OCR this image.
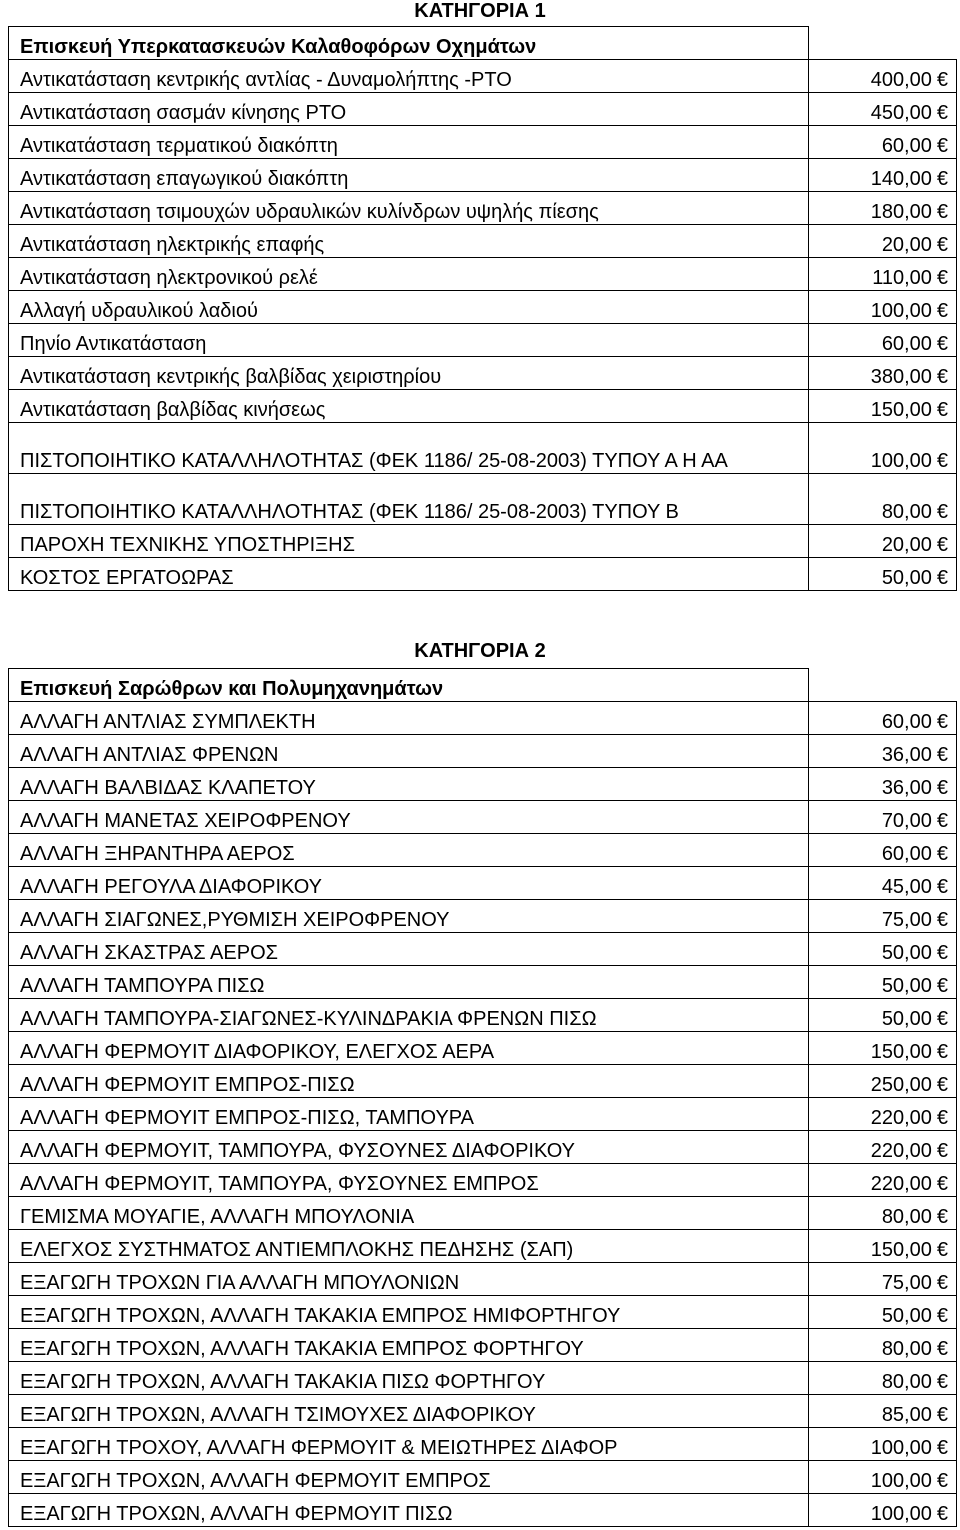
ΚΑΤΗΓΟΡΙΑ 1
Επισκευή Υπερκατασκευών Καλαθοφόρων Οχημάτων	
Αντικατάσταση κεντρικής αντλίας - Δυναμολήπτης -PTO	400,00 €
Αντικατάσταση σασμάν κίνησης PTO	450,00 €
Αντικατάσταση τερματικού διακόπτη	60,00 €
Αντικατάσταση επαγωγικού διακόπτη	140,00 €
Αντικατάσταση τσιμουχών υδραυλικών κυλίνδρων υψηλής πίεσης	180,00 €
Αντικατάσταση ηλεκτρικής επαφής	20,00 €
Αντικατάσταση ηλεκτρονικού ρελέ	110,00 €
Αλλαγή υδραυλικού λαδιού	100,00 €
Πηνίο Αντικατάσταση	60,00 €
Αντικατάσταση κεντρικής βαλβίδας χειριστηρίου	380,00 €
Αντικατάσταση βαλβίδας κινήσεως	150,00 €
ΠΙΣΤΟΠΟΙΗΤΙΚΟ ΚΑΤΑΛΛΗΛΟΤΗΤΑΣ (ΦΕΚ 1186/ 25-08-2003) ΤΥΠΟΥ Α Η ΑΑ	100,00 €
ΠΙΣΤΟΠΟΙΗΤΙΚΟ ΚΑΤΑΛΛΗΛΟΤΗΤΑΣ (ΦΕΚ 1186/ 25-08-2003) ΤΥΠΟΥ Β	80,00 €
ΠΑΡΟΧΗ ΤΕΧΝΙΚΗΣ ΥΠΟΣΤΗΡΙΞΗΣ	20,00 €
ΚΟΣΤΟΣ ΕΡΓΑΤΟΩΡΑΣ	50,00 €
ΚΑΤΗΓΟΡΙΑ 2
Επισκευή Σαρώθρων και Πολυμηχανημάτων	
ΑΛΛΑΓΗ ΑΝΤΛΙΑΣ ΣΥΜΠΛΕΚΤΗ	60,00 €
ΑΛΛΑΓΗ ΑΝΤΛΙΑΣ ΦΡΕΝΩΝ	36,00 €
ΑΛΛΑΓΗ ΒΑΛΒΙΔΑΣ ΚΛΑΠΕΤΟΥ	36,00 €
ΑΛΛΑΓΗ ΜΑΝΕΤΑΣ ΧΕΙΡΟΦΡΕΝΟΥ	70,00 €
ΑΛΛΑΓΗ ΞΗΡΑΝΤΗΡΑ ΑΕΡΟΣ	60,00 €
ΑΛΛΑΓΗ ΡΕΓΟΥΛΑ ΔΙΑΦΟΡΙΚΟΥ	45,00 €
ΑΛΛΑΓΗ ΣΙΑΓΩΝΕΣ,ΡΥΘΜΙΣΗ ΧΕΙΡΟΦΡΕΝΟΥ	75,00 €
ΑΛΛΑΓΗ ΣΚΑΣΤΡΑΣ ΑΕΡΟΣ	50,00 €
ΑΛΛΑΓΗ ΤΑΜΠΟΥΡΑ ΠΙΣΩ	50,00 €
ΑΛΛΑΓΗ ΤΑΜΠΟΥΡΑ-ΣΙΑΓΩΝΕΣ-ΚΥΛΙΝΔΡΑΚΙΑ ΦΡΕΝΩΝ ΠΙΣΩ	50,00 €
ΑΛΛΑΓΗ ΦΕΡΜΟΥΙΤ ΔΙΑΦΟΡΙΚΟΥ, ΕΛΕΓΧΟΣ ΑΕΡΑ	150,00 €
ΑΛΛΑΓΗ ΦΕΡΜΟΥΙΤ ΕΜΠΡΟΣ-ΠΙΣΩ	250,00 €
ΑΛΛΑΓΗ ΦΕΡΜΟΥΙΤ ΕΜΠΡΟΣ-ΠΙΣΩ, ΤΑΜΠΟΥΡΑ	220,00 €
ΑΛΛΑΓΗ ΦΕΡΜΟΥΙΤ, ΤΑΜΠΟΥΡΑ, ΦΥΣΟΥΝΕΣ ΔΙΑΦΟΡΙΚΟΥ	220,00 €
ΑΛΛΑΓΗ ΦΕΡΜΟΥΙΤ, ΤΑΜΠΟΥΡΑ, ΦΥΣΟΥΝΕΣ ΕΜΠΡΟΣ	220,00 €
ΓΕΜΙΣΜΑ ΜΟΥΑΓΙΕ, ΑΛΛΑΓΗ ΜΠΟΥΛΟΝΙΑ	80,00 €
ΕΛΕΓΧΟΣ ΣΥΣΤΗΜΑΤΟΣ ΑΝΤΙΕΜΠΛΟΚΗΣ ΠΕΔΗΣΗΣ (ΣΑΠ)	150,00 €
ΕΞΑΓΩΓΗ ΤΡΟΧΩΝ ΓΙΑ ΑΛΛΑΓΗ ΜΠΟΥΛΟΝΙΩΝ	75,00 €
ΕΞΑΓΩΓΗ ΤΡΟΧΩΝ, ΑΛΛΑΓΗ ΤΑΚΑΚΙΑ ΕΜΠΡΟΣ ΗΜΙΦΟΡΤΗΓΟΥ	50,00 €
ΕΞΑΓΩΓΗ ΤΡΟΧΩΝ, ΑΛΛΑΓΗ ΤΑΚΑΚΙΑ ΕΜΠΡΟΣ ΦΟΡΤΗΓΟΥ	80,00 €
ΕΞΑΓΩΓΗ ΤΡΟΧΩΝ, ΑΛΛΑΓΗ ΤΑΚΑΚΙΑ ΠΙΣΩ ΦΟΡΤΗΓΟΥ	80,00 €
ΕΞΑΓΩΓΗ ΤΡΟΧΩΝ, ΑΛΛΑΓΗ ΤΣΙΜΟΥΧΕΣ ΔΙΑΦΟΡΙΚΟΥ	85,00 €
ΕΞΑΓΩΓΗ ΤΡΟΧΟΥ, ΑΛΛΑΓΗ ΦΕΡΜΟΥΙΤ & ΜΕΙΩΤΗΡΕΣ ΔΙΑΦΟΡ	100,00 €
ΕΞΑΓΩΓΗ ΤΡΟΧΩΝ, ΑΛΛΑΓΗ ΦΕΡΜΟΥΙΤ ΕΜΠΡΟΣ	100,00 €
ΕΞΑΓΩΓΗ ΤΡΟΧΩΝ, ΑΛΛΑΓΗ ΦΕΡΜΟΥΙΤ ΠΙΣΩ	100,00 €
